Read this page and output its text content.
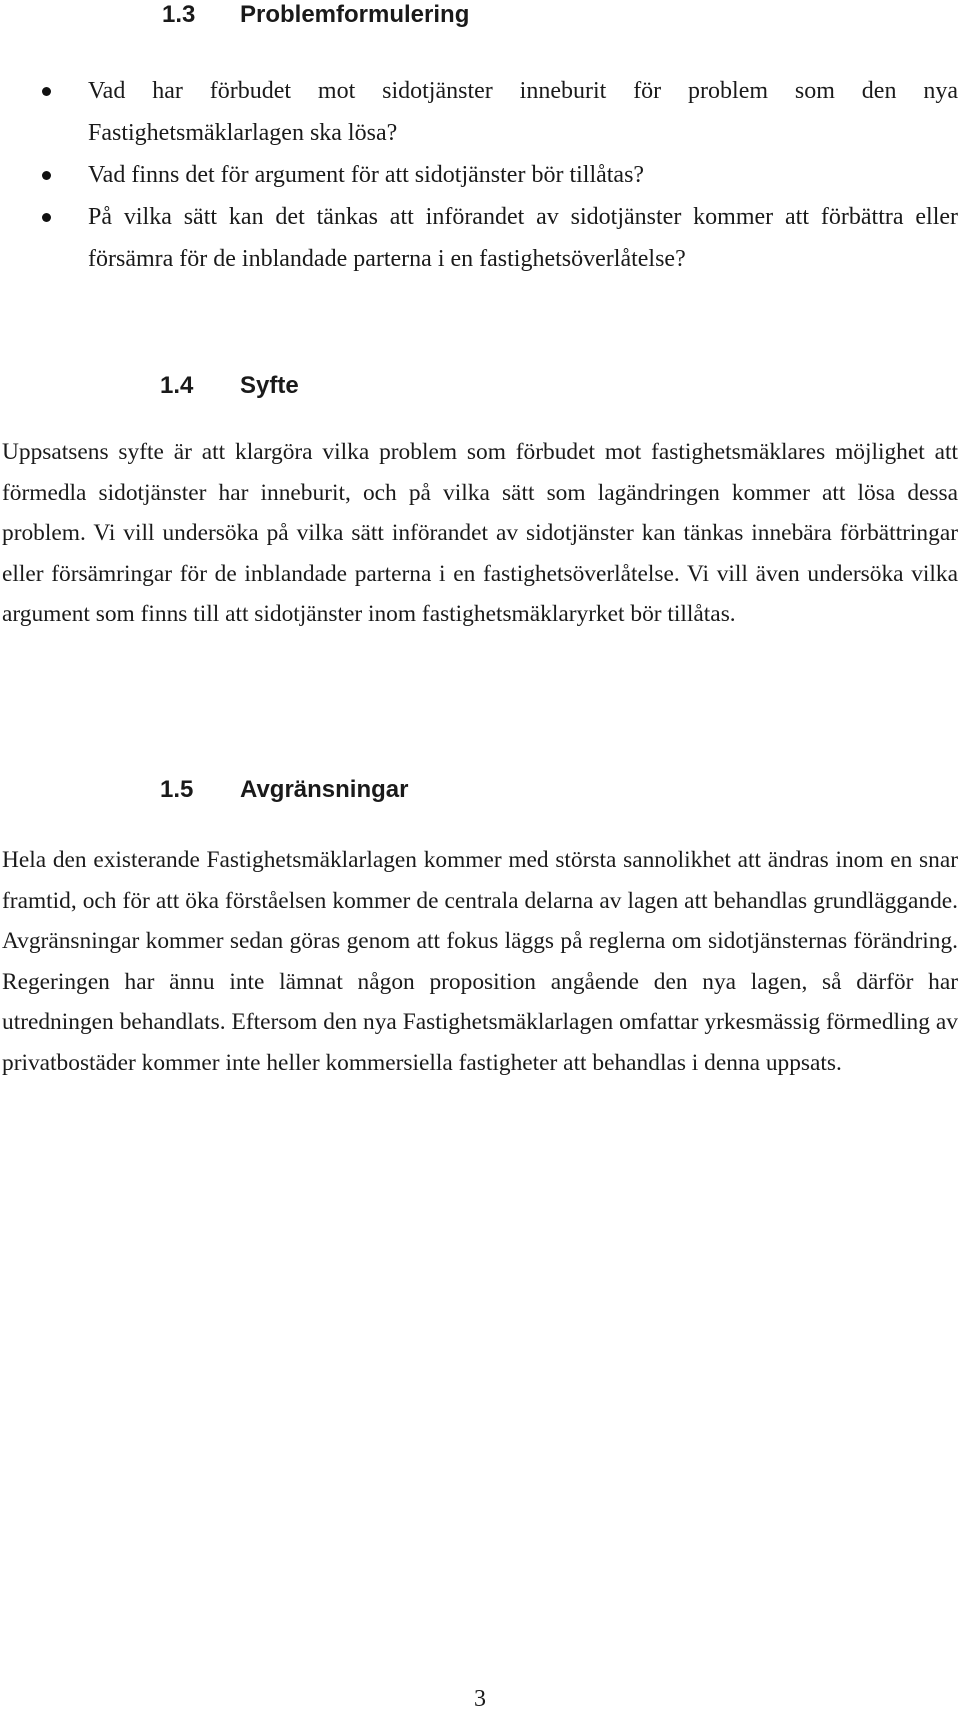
1.3 Problemformulering
Vad har förbudet mot sidotjänster inneburit för problem som den nya Fastighetsmäklarlagen ska lösa?
Vad finns det för argument för att sidotjänster bör tillåtas?
På vilka sätt kan det tänkas att införandet av sidotjänster kommer att förbättra eller försämra för de inblandade parterna i en fastighetsöverlåtelse?
1.4 Syfte

Uppsatsens syfte är att klargöra vilka problem som förbudet mot fastighetsmäklares möjlighet att förmedla sidotjänster har inneburit, och på vilka sätt som lagändringen kommer att lösa dessa problem. Vi vill undersöka på vilka sätt införandet av sidotjänster kan tänkas innebära förbättringar eller försämringar för de inblandade parterna i en fastighetsöverlåtelse. Vi vill även undersöka vilka argument som finns till att sidotjänster inom fastighetsmäklaryrket bör tillåtas.

1.5 Avgränsningar

Hela den existerande Fastighetsmäklarlagen kommer med största sannolikhet att ändras inom en snar framtid, och för att öka förståelsen kommer de centrala delarna av lagen att behandlas grundläggande. Avgränsningar kommer sedan göras genom att fokus läggs på reglerna om sidotjänsternas förändring. Regeringen har ännu inte lämnat någon proposition angående den nya lagen, så därför har utredningen behandlats. Eftersom den nya Fastighetsmäklarlagen omfattar yrkesmässig förmedling av privatbostäder kommer inte heller kommersiella fastigheter att behandlas i denna uppsats.

3
